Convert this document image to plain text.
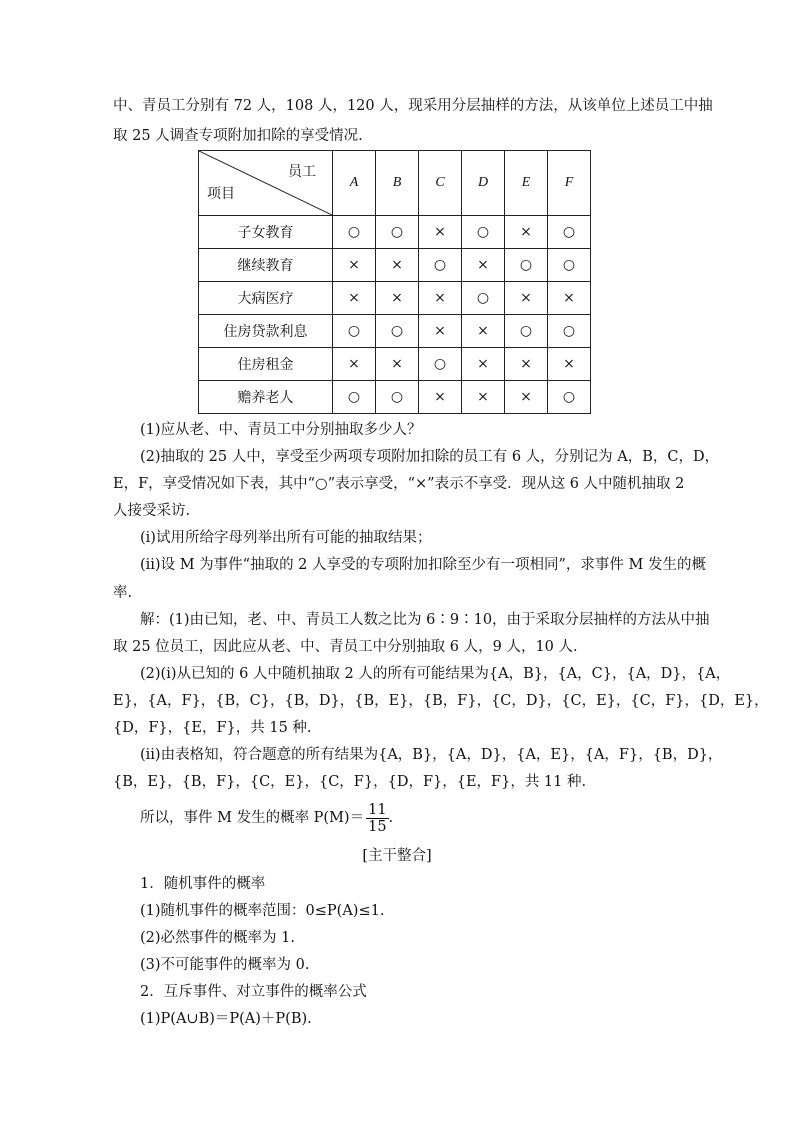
中、青员工分别有 72 人，108 人，120 人，现采用分层抽样的方法，从该单位上述员工中抽
取 25 人调查专项附加扣除的享受情况.
员工
项目	A	B	C	D	E	F
子女教育	○	○	×	○	×	○
继续教育	×	×	○	×	○	○
大病医疗	×	×	×	○	×	×
住房贷款利息	○	○	×	×	○	○
住房租金	×	×	○	×	×	×
赡养老人	○	○	×	×	×	○
(1)应从老、中、青员工中分别抽取多少人？
(2)抽取的 25 人中，享受至少两项专项附加扣除的员工有 6 人，分别记为 A，B，C，D，
E，F，享受情况如下表，其中“○”表示享受，“×”表示不享受．现从这 6 人中随机抽取 2
人接受采访.
(ⅰ)试用所给字母列举出所有可能的抽取结果；
(ⅱ)设 M 为事件“抽取的 2 人享受的专项附加扣除至少有一项相同”，求事件 M 发生的概
率.
解：(1)由已知，老、中、青员工人数之比为 6∶9∶10，由于采取分层抽样的方法从中抽
取 25 位员工，因此应从老、中、青员工中分别抽取 6 人，9 人，10 人.
(2)(ⅰ)从已知的 6 人中随机抽取 2 人的所有可能结果为{A，B}，{A，C}，{A，D}，{A，
E}，{A，F}，{B，C}，{B，D}，{B，E}，{B，F}，{C，D}，{C，E}，{C，F}，{D，E}，
{D，F}，{E，F}，共 15 种.
(ⅱ)由表格知，符合题意的所有结果为{A，B}，{A，D}，{A，E}，{A，F}，{B，D}，
{B，E}，{B，F}，{C，E}，{C，F}，{D，F}，{E，F}，共 11 种.
所以，事件 M 发生的概率 $P(M)= \frac{11}{15}$ .
[主干整合]
1．随机事件的概率
(1)随机事件的概率范围：0≤P(A)≤1.
(2)必然事件的概率为 1.
(3)不可能事件的概率为 0.
2．互斥事件、对立事件的概率公式
(1)P(A∪B)＝P(A)＋P(B).
